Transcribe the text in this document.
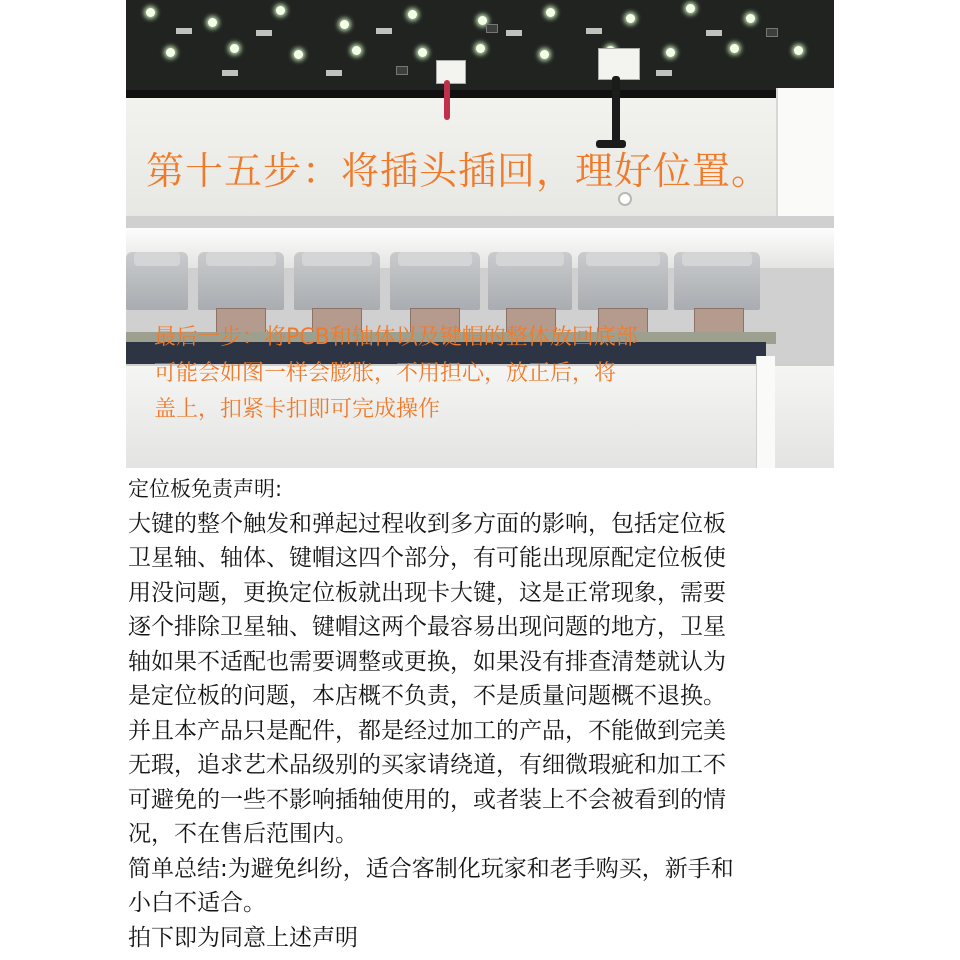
第十五步：将插头插回，理好位置。

最后一步：将PCB和轴体以及键帽的整体放回底部
可能会如图一样会膨胀，不用担心，放正后，将
盖上，扣紧卡扣即可完成操作

定位板免责声明:

大键的整个触发和弹起过程收到多方面的影响，包括定位板

卫星轴、轴体、键帽这四个部分，有可能出现原配定位板使

用没问题，更换定位板就出现卡大键，这是正常现象，需要

逐个排除卫星轴、键帽这两个最容易出现问题的地方，卫星

轴如果不适配也需要调整或更换，如果没有排查清楚就认为

是定位板的问题，本店概不负责，不是质量问题概不退换。

并且本产品只是配件，都是经过加工的产品，不能做到完美

无瑕，追求艺术品级别的买家请绕道，有细微瑕疵和加工不

可避免的一些不影响插轴使用的，或者装上不会被看到的情

况，不在售后范围内。

简单总结:为避免纠纷，适合客制化玩家和老手购买，新手和

小白不适合。

拍下即为同意上述声明
